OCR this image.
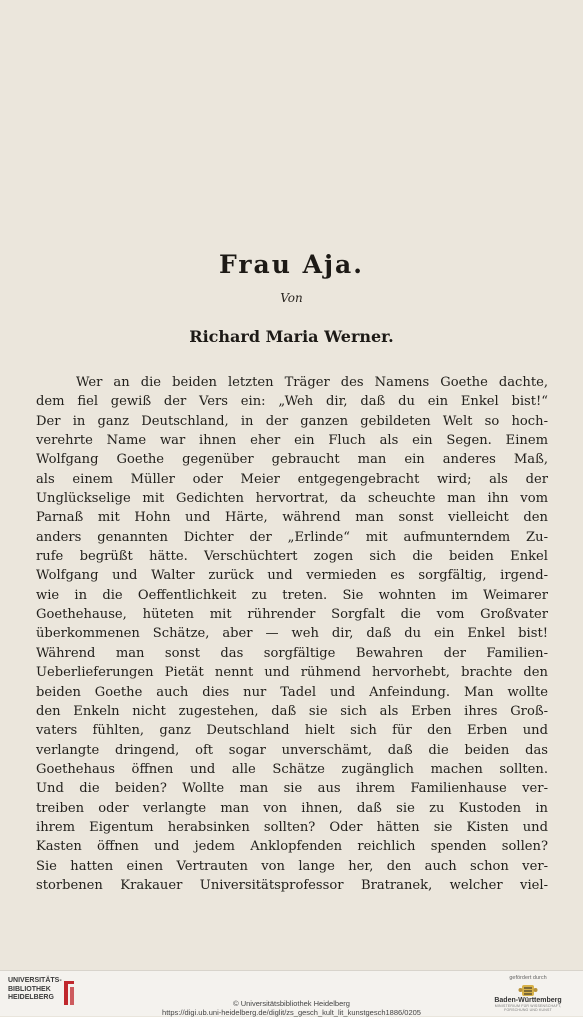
Frau Aja.
Von
Richard Maria Werner.
Wer an die beiden letzten Träger des Namens Goethe dachte,
dem fiel gewiß der Vers ein: „Weh dir, daß du ein Enkel bist!“
Der in ganz Deutschland, in der ganzen gebildeten Welt so hoch-
verehrte Name war ihnen eher ein Fluch als ein Segen. Einem
Wolfgang Goethe gegenüber gebraucht man ein anderes Maß,
als einem Müller oder Meier entgegengebracht wird; als der
Unglückselige mit Gedichten hervortrat, da scheuchte man ihn vom
Parnaß mit Hohn und Härte, während man sonst vielleicht den
anders genannten Dichter der „Erlinde“ mit aufmunterndem Zu-
rufe begrüßt hätte. Verschüchtert zogen sich die beiden Enkel
Wolfgang und Walter zurück und vermieden es sorgfältig, irgend-
wie in die Oeffentlichkeit zu treten. Sie wohnten im Weimarer
Goethehause, hüteten mit rührender Sorgfalt die vom Großvater
überkommenen Schätze, aber — weh dir, daß du ein Enkel bist!
Während man sonst das sorgfältige Bewahren der Familien-
Ueberlieferungen Pietät nennt und rühmend hervorhebt, brachte den
beiden Goethe auch dies nur Tadel und Anfeindung. Man wollte
den Enkeln nicht zugestehen, daß sie sich als Erben ihres Groß-
vaters fühlten, ganz Deutschland hielt sich für den Erben und
verlangte dringend, oft sogar unverschämt, daß die beiden das
Goethehaus öffnen und alle Schätze zugänglich machen sollten.
Und die beiden? Wollte man sie aus ihrem Familienhause ver-
treiben oder verlangte man von ihnen, daß sie zu Kustoden in
ihrem Eigentum herabsinken sollten? Oder hätten sie Kisten und
Kasten öffnen und jedem Anklopfenden reichlich spenden sollen?
Sie hatten einen Vertrauten von lange her, den auch schon ver-
storbenen Krakauer Universitätsprofessor Bratranek, welcher viel-
UNIVERSITÄTS-
BIBLIOTHEK
HEIDELBERG
© Universitätsbibliothek Heidelberg
https://digi.ub.uni-heidelberg.de/diglit/zs_gesch_kult_lit_kunstgesch1886/0205
gefördert durch
Baden-Württemberg
MINISTERIUM FÜR WISSENSCHAFT, FORSCHUNG UND KUNST
